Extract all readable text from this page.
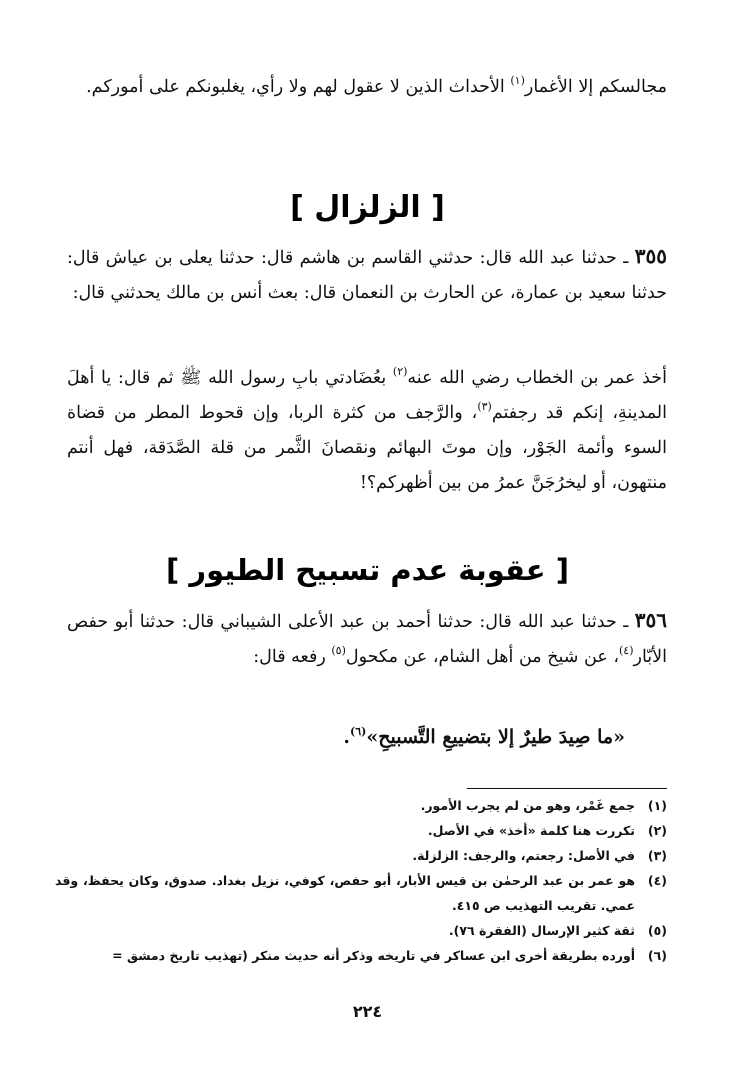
مجالسكم إلا الأغمار$^{(١)}$ الأحداث الذين لا عقول لهم ولا رأي، يغلبونكم على أموركم.
[ الزلزال ]
٣٥٥ ـ حدثنا عبد الله قال: حدثني القاسم بن هاشم قال: حدثنا يعلى بن عياش قال: حدثنا سعيد بن عمارة، عن الحارث بن النعمان قال: بعث أنس بن مالك يحدثني قال:
أخذ عمر بن الخطاب رضي الله عنه$^{(٢)}$ بعُضَادتي بابِ رسول الله ﷺ ثم قال: يا أهلَ المدينةِ، إنكم قد رجفتم$^{(٣)}$، والرَّجف من كثرة الربا، وإن قحوط المطر من قضاة السوء وأئمة الجَوْر، وإن موتَ البهائم ونقصانَ الثَّمر من قلة الصَّدَقة، فهل أنتم منتهون، أو ليخرُجَنَّ عمرُ من بين أظهركم؟!
[ عقوبة عدم تسبيح الطيور ]
٣٥٦ ـ حدثنا عبد الله قال: حدثنا أحمد بن عبد الأعلى الشيباني قال: حدثنا أبو حفص الأبّار$^{(٤)}$، عن شيخ من أهل الشام، عن مكحول$^{(٥)}$ رفعه قال:
«ما صِيدَ طيرٌ إلا بتضييعِ التَّسبيحِ»$^{(٦)}$.
(١)
جمع غَمْر، وهو من لم يجرب الأمور.
(٢)
تكررت هنا كلمة «أخذ» في الأصل.
(٣)
في الأصل: رجعتم، والرجف: الزلزلة.
(٤)
هو عمر بن عبد الرحمٰن بن قيس الأبار، أبو حفص، كوفي، نزيل بغداد. صدوق، وكان يحفظ، وقد عمي. تقريب التهذيب ص ٤١٥.
(٥)
ثقة كثير الإرسال (الفقرة ٧٦).
(٦)
أورده بطريقة أخرى ابن عساكر في تاريخه وذكر أنه حديث منكر (تهذيب تاريخ دمشق =
٢٢٤
